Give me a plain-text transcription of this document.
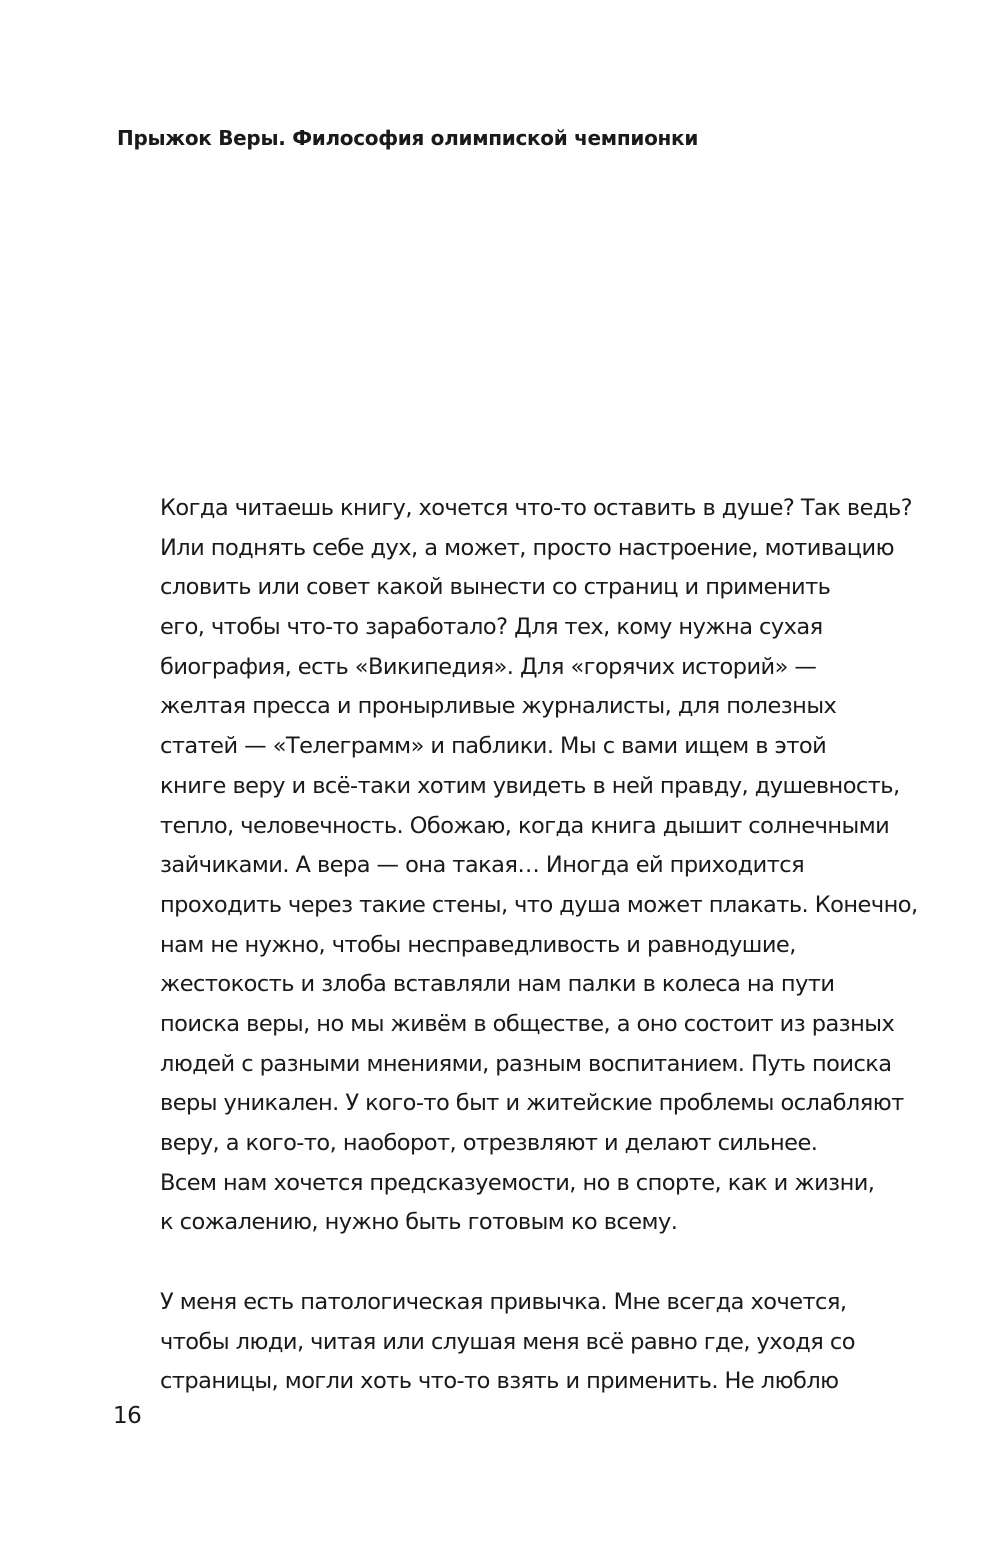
Прыжок Веры. Философия олимпиской чемпионки

Когда читаешь книгу, хочется что-то оставить в душе? Так ведь?
Или поднять себе дух, а может, просто настроение, мотивацию
словить или совет какой вынести со страниц и применить
его, чтобы что-то заработало? Для тех, кому нужна сухая
биография, есть «Википедия». Для «горячих историй» —
желтая пресса и пронырливые журналисты, для полезных
статей — «Телеграмм» и паблики. Мы с вами ищем в этой
книге веру и всё-таки хотим увидеть в ней правду, душевность,
тепло, человечность. Обожаю, когда книга дышит солнечными
зайчиками. А вера — она такая… Иногда ей приходится
проходить через такие стены, что душа может плакать. Конечно,
нам не нужно, чтобы несправедливость и равнодушие,
жестокость и злоба вставляли нам палки в колеса на пути
поиска веры, но мы живём в обществе, а оно состоит из разных
людей с разными мнениями, разным воспитанием. Путь поиска
веры уникален. У кого-то быт и житейские проблемы ослабляют
веру, а кого-то, наоборот, отрезвляют и делают сильнее.
Всем нам хочется предсказуемости, но в спорте, как и жизни,
к сожалению, нужно быть готовым ко всему.

У меня есть патологическая привычка. Мне всегда хочется,
чтобы люди, читая или слушая меня всё равно где, уходя со
страницы, могли хоть что-то взять и применить. Не люблю

16
